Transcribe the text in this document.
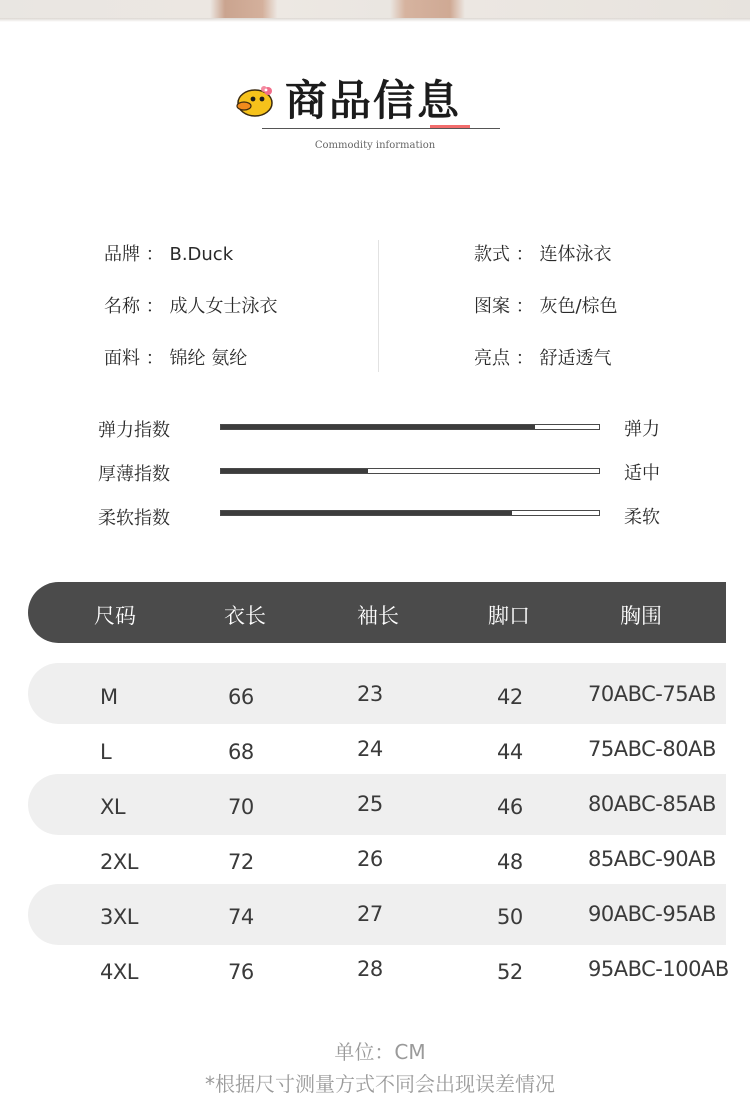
商品信息
Commodity information
品牌 ： B.Duck
名称 ： 成人女士泳衣
面料 ： 锦纶 氨纶
款式 ： 连体泳衣
图案 ： 灰色/棕色
亮点 ： 舒适透气
弹力指数	弹力
厚薄指数	适中
柔软指数	柔软
尺码	衣长	袖长	脚口	胸围
M	66	23	42	70ABC-75AB
L	68	24	44	75ABC-80AB
XL	70	25	46	80ABC-85AB
2XL	72	26	48	85ABC-90AB
3XL	74	27	50	90ABC-95AB
4XL	76	28	52	95ABC-100AB
单位：CM
*根据尺寸测量方式不同会出现误差情况
